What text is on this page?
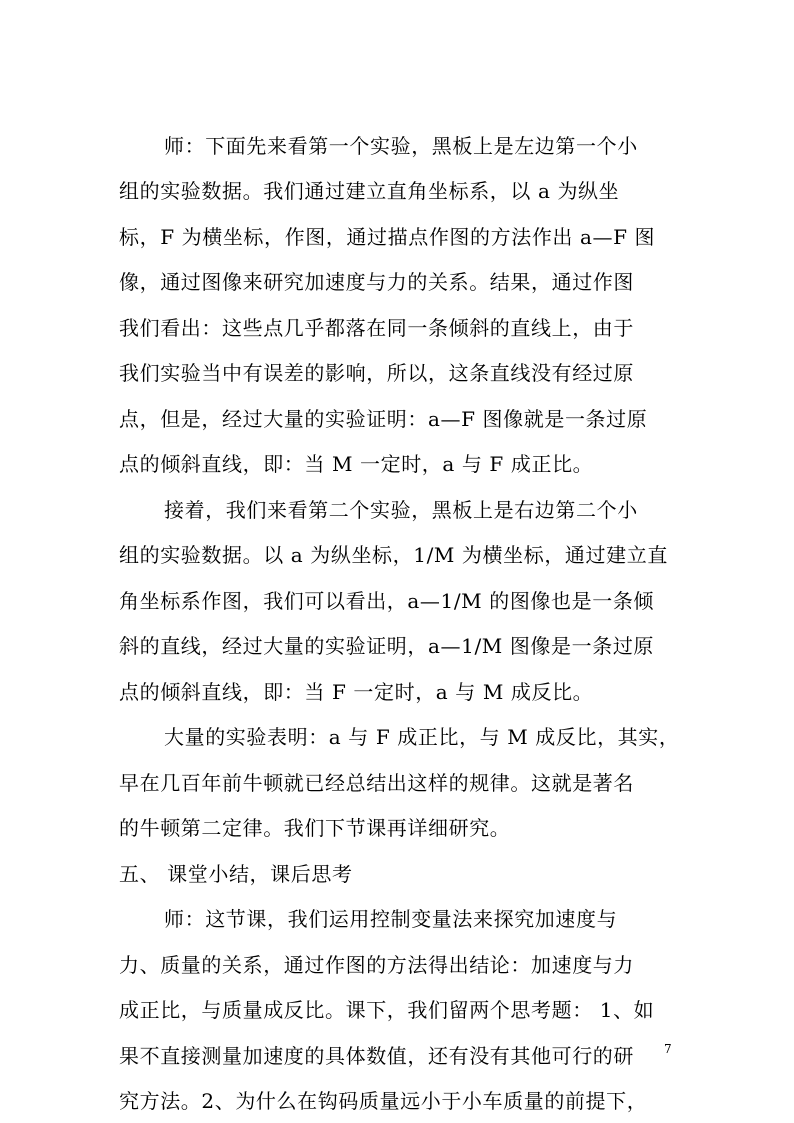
师：下面先来看第一个实验，黑板上是左边第一个小
组的实验数据。我们通过建立直角坐标系，以 a 为纵坐
标，F 为横坐标，作图，通过描点作图的方法作出 a—F 图
像，通过图像来研究加速度与力的关系。结果，通过作图
我们看出：这些点几乎都落在同一条倾斜的直线上，由于
我们实验当中有误差的影响，所以，这条直线没有经过原
点，但是，经过大量的实验证明：a—F 图像就是一条过原
点的倾斜直线，即：当 M 一定时，a 与 F 成正比。
接着，我们来看第二个实验，黑板上是右边第二个小
组的实验数据。以 a 为纵坐标，1/M 为横坐标，通过建立直
角坐标系作图，我们可以看出，a—1/M 的图像也是一条倾
斜的直线，经过大量的实验证明，a—1/M 图像是一条过原
点的倾斜直线，即：当 F 一定时，a 与 M 成反比。
大量的实验表明：a 与 F 成正比，与 M 成反比，其实，
早在几百年前牛顿就已经总结出这样的规律。这就是著名
的牛顿第二定律。我们下节课再详细研究。
五、 课堂小结，课后思考
师：这节课，我们运用控制变量法来探究加速度与
力、质量的关系，通过作图的方法得出结论：加速度与力
成正比，与质量成反比。课下，我们留两个思考题： 1、如
果不直接测量加速度的具体数值，还有没有其他可行的研
究方法。2、为什么在钩码质量远小于小车质量的前提下，
7
